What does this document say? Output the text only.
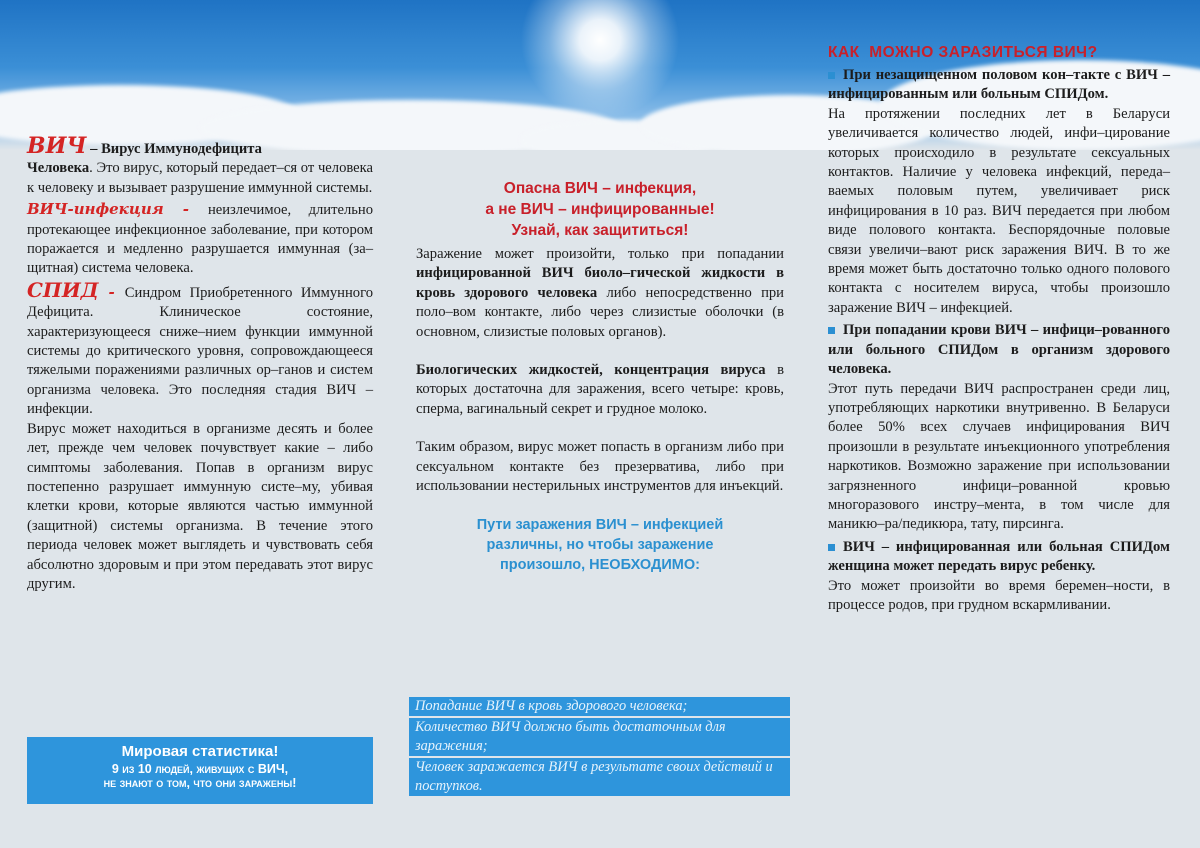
ВИЧ – Вирус Иммунодефицита
Человека. Это вирус, который передает–ся от человека к человеку и вызывает разрушение иммунной системы.

ВИЧ-инфекция - неизлечимое, длительно протекающее инфекционное заболевание, при котором поражается и медленно разрушается иммунная (за–щитная) система человека.

СПИД - Синдром Приобретенного Иммунного Дефицита. Клиническое состояние, характеризующееся сниже–нием функции иммунной системы до критического уровня, сопровождающееся тяжелыми поражениями различных ор–ганов и систем организма человека. Это последняя стадия ВИЧ – инфекции.

Вирус может находиться в организме десять и более лет, прежде чем человек почувствует какие – либо симптомы заболевания. Попав в организм вирус постепенно разрушает иммунную систе–му, убивая клетки крови, которые являются частью иммунной (защитной) системы организма. В течение этого периода человек может выглядеть и чувствовать себя абсолютно здоровым и при этом передавать этот вирус другим.

Мировая статистика!
9 из 10 людей, живущих с ВИЧ,
не знают о том, что они заражены!
Опасна ВИЧ – инфекция,
а не ВИЧ – инфицированные!
Узнай, как защититься!

Заражение может произойти, только при попадании инфицированной ВИЧ биоло–гической жидкости в кровь здорового человека либо непосредственно при поло–вом контакте, либо через слизистые оболочки (в основном, слизистые половых органов).

Биологических жидкостей, концентрация вируса в которых достаточна для заражения, всего четыре: кровь, сперма, вагинальный секрет и грудное молоко.

Таким образом, вирус может попасть в организм либо при сексуальном контакте без презерватива, либо при использовании нестерильных инструментов для инъекций.

Пути заражения ВИЧ – инфекцией
различны, но чтобы заражение
произошло, НЕОБХОДИМО:
Попадание ВИЧ в кровь здорового человека;
Количество ВИЧ должно быть достаточным для заражения;
Человек заражается ВИЧ в результате своих действий и поступков.
КАК  МОЖНО ЗАРАЗИТЬСЯ ВИЧ?

При незащищенном половом кон–такте с ВИЧ – инфицированным или больным СПИДом.

На протяжении последних лет в Беларуси увеличивается количество людей, инфи–цирование которых происходило в результате сексуальных контактов. Наличие у человека инфекций, переда–ваемых половым путем, увеличивает риск инфицирования в 10 раз. ВИЧ передается при любом виде полового контакта. Беспорядочные половые связи увеличи–вают риск заражения ВИЧ. В то же время может быть достаточно только одного полового контакта с носителем вируса, чтобы произошло заражение ВИЧ – инфекцией.

При попадании крови ВИЧ – инфици–рованного или больного СПИДом в организм здорового человека.

Этот путь передачи ВИЧ распространен среди лиц, употребляющих наркотики внутривенно. В Беларуси более 50% всех случаев инфицирования ВИЧ произошли в результате инъекционного употребления наркотиков. Возможно заражение при использовании загрязненного инфици–рованной кровью многоразового инстру–мента, в том числе для маникю–ра/педикюра, тату, пирсинга.

ВИЧ – инфицированная или больная СПИДом женщина может передать вирус ребенку.

Это может произойти во время беремен–ности, в процессе родов, при грудном вскармливании.
